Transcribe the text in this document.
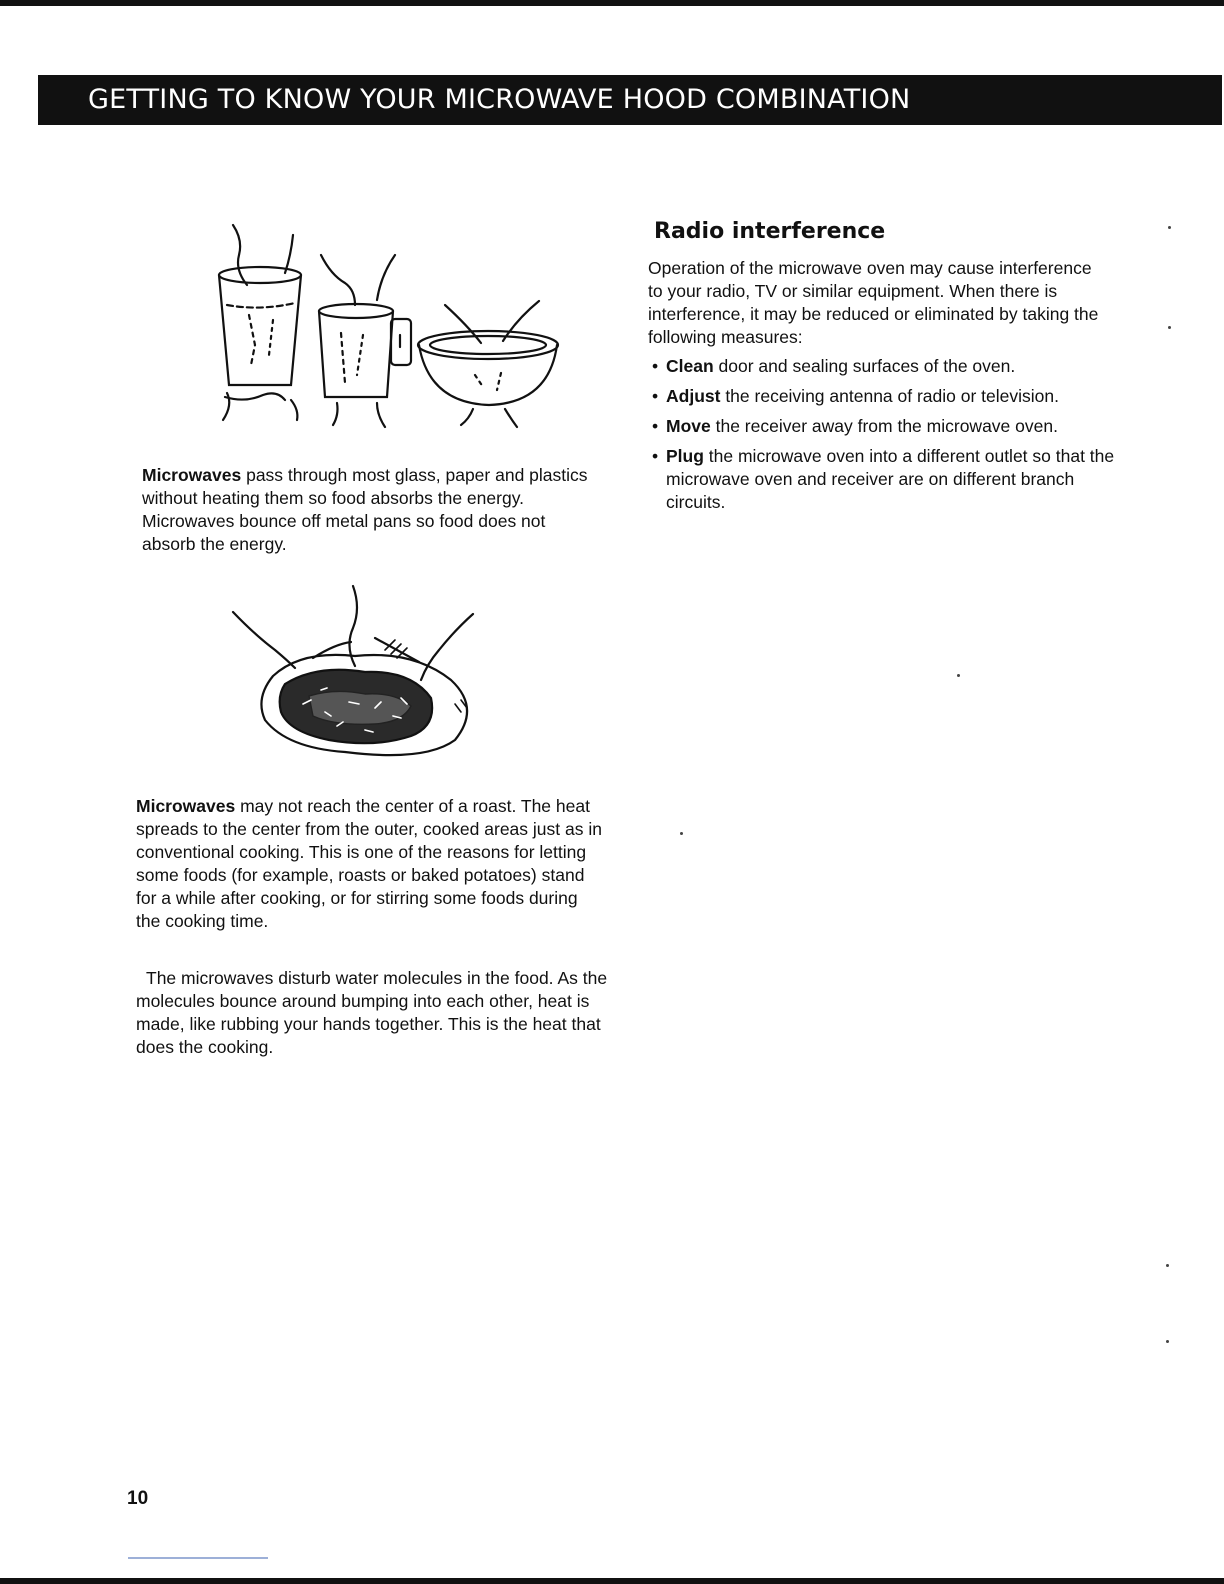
GETTING TO KNOW YOUR MICROWAVE HOOD COMBINATION

Microwaves pass through most glass, paper and plastics without heating them so food absorbs the energy. Microwaves bounce off metal pans so food does not absorb the energy.

Microwaves may not reach the center of a roast. The heat spreads to the center from the outer, cooked areas just as in conventional cooking. This is one of the reasons for letting some foods (for example, roasts or baked potatoes) stand for a while after cooking, or for stirring some foods during the cooking time.

The microwaves disturb water molecules in the food. As the molecules bounce around bumping into each other, heat is made, like rubbing your hands together. This is the heat that does the cooking.

Radio interference

Operation of the microwave oven may cause interference to your radio, TV or similar equipment. When there is interference, it may be reduced or eliminated by taking the following measures:

• Clean door and sealing surfaces of the oven.
• Adjust the receiving antenna of radio or television.
• Move the receiver away from the microwave oven.
• Plug the microwave oven into a different outlet so that the microwave oven and receiver are on different branch circuits.

10
